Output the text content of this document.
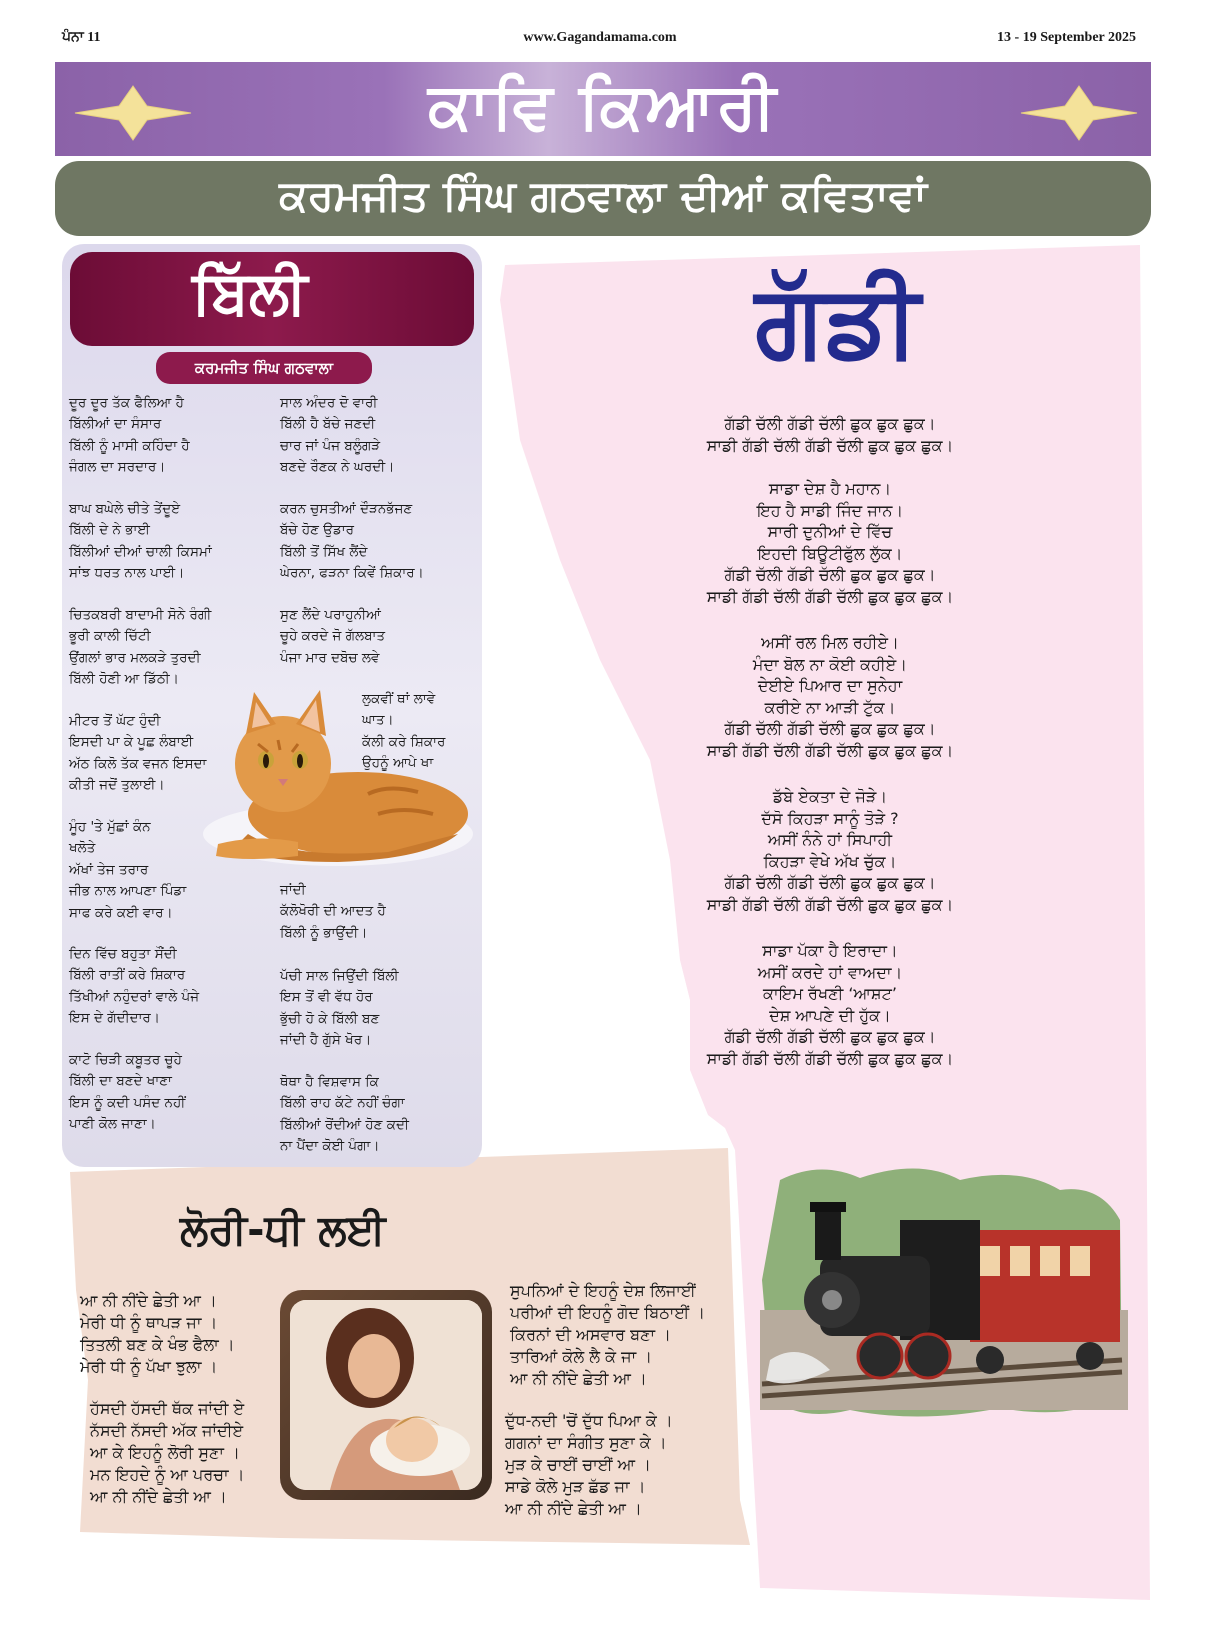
ਪੰਨਾ 11	www.Gagandamama.com	13 - 19 September 2025
ਕਾਵਿ ਕਿਆਰੀ
ਕਰਮਜੀਤ ਸਿੰਘ ਗਠਵਾਲਾ ਦੀਆਂ ਕਵਿਤਾਵਾਂ
ਬਿੱਲੀ
ਕਰਮਜੀਤ ਸਿੰਘ ਗਠਵਾਲਾ
ਦੂਰ ਦੂਰ ਤੱਕ ਫੈਲਿਆ ਹੈ
ਬਿੱਲੀਆਂ ਦਾ ਸੰਸਾਰ
ਬਿੱਲੀ ਨੂੰ ਮਾਸੀ ਕਹਿੰਦਾ ਹੈ
ਜੰਗਲ ਦਾ ਸਰਦਾਰ।
ਬਾਘ ਬਘੇਲੇ ਚੀਤੇ ਤੇਂਦੂਏ
ਬਿੱਲੀ ਦੇ ਨੇ ਭਾਈ
ਬਿੱਲੀਆਂ ਦੀਆਂ ਚਾਲੀ ਕਿਸਮਾਂ
ਸਾਂਝ ਧਰਤ ਨਾਲ ਪਾਈ।
ਚਿਤਕਬਰੀ ਬਾਦਾਮੀ ਸੋਨੇ ਰੰਗੀ
ਭੂਰੀ ਕਾਲੀ ਚਿੱਟੀ
ਉਂਗਲਾਂ ਭਾਰ ਮਲਕੜੇ ਤੁਰਦੀ
ਬਿੱਲੀ ਹੋਣੀ ਆ ਡਿੱਠੀ।
ਮੀਟਰ ਤੋਂ ਘੱਟ ਹੁੰਦੀ
ਇਸਦੀ ਪਾ ਕੇ ਪੂਛ ਲੰਬਾਈ
ਅੱਠ ਕਿਲੋ ਤੱਕ ਵਜਨ ਇਸਦਾ
ਕੀਤੀ ਜਦੋਂ ਤੁਲਾਈ।
ਮੂੰਹ 'ਤੇ ਮੁੱਛਾਂ ਕੰਨ
ਖਲੋਤੇ
ਅੱਖਾਂ ਤੇਜ ਤਰਾਰ
ਜੀਭ ਨਾਲ ਆਪਣਾ ਪਿੰਡਾ
ਸਾਫ ਕਰੇ ਕਈ ਵਾਰ।
ਦਿਨ ਵਿੱਚ ਬਹੁਤਾ ਸੌਂਦੀ
ਬਿੱਲੀ ਰਾਤੀਂ ਕਰੇ ਸ਼ਿਕਾਰ
ਤਿੱਖੀਆਂ ਨਹੁੰਦਰਾਂ ਵਾਲੇ ਪੰਜੇ
ਇਸ ਦੇ ਗੱਦੀਦਾਰ।
ਕਾਟੋ ਚਿੜੀ ਕਬੂਤਰ ਚੂਹੇ
ਬਿੱਲੀ ਦਾ ਬਣਦੇ ਖਾਣਾ
ਇਸ ਨੂੰ ਕਦੀ ਪਸੰਦ ਨਹੀਂ
ਪਾਣੀ ਕੋਲ ਜਾਣਾ।
ਸਾਲ ਅੰਦਰ ਦੋ ਵਾਰੀ
ਬਿੱਲੀ ਹੈ ਬੱਚੇ ਜਣਦੀ
ਚਾਰ ਜਾਂ ਪੰਜ ਬਲੂੰਗੜੇ
ਬਣਦੇ ਰੌਣਕ ਨੇ ਘਰਦੀ।
ਕਰਨ ਚੁਸਤੀਆਂ ਦੌੜਨਭੱਜਣ
ਬੱਚੇ ਹੋਣ ਉਡਾਰ
ਬਿੱਲੀ ਤੋਂ ਸਿੱਖ ਲੈਂਦੇ
ਘੇਰਨਾ, ਫੜਨਾ ਕਿਵੇਂ ਸ਼ਿਕਾਰ।
ਸੁਣ ਲੈਂਦੇ ਪਰਾਹੁਨੀਆਂ
ਚੂਹੇ ਕਰਦੇ ਜੋ ਗੱਲਬਾਤ
ਪੰਜਾ ਮਾਰ ਦਬੋਚ ਲਵੇ
ਲੁਕਵੀਂ ਥਾਂ ਲਾਵੇ
ਘਾਤ।
ਕੱਲੀ ਕਰੇ ਸ਼ਿਕਾਰ
ਉਹਨੂੰ ਆਪੇ ਖਾ
ਜਾਂਦੀ
ਕੱਲੋਖੋਰੀ ਦੀ ਆਦਤ ਹੈ
ਬਿੱਲੀ ਨੂੰ ਭਾਉਂਦੀ।
ਪੱਚੀ ਸਾਲ ਜਿਉਂਦੀ ਬਿੱਲੀ
ਇਸ ਤੋਂ ਵੀ ਵੱਧ ਹੋਰ
ਭੁੱਚੀ ਹੋ ਕੇ ਬਿੱਲੀ ਬਣ
ਜਾਂਦੀ ਹੈ ਗੁੱਸੇ ਖੋਰ।
ਥੋਥਾ ਹੈ ਵਿਸ਼ਵਾਸ ਕਿ
ਬਿੱਲੀ ਰਾਹ ਕੱਟੇ ਨਹੀਂ ਚੰਗਾ
ਬਿੱਲੀਆਂ ਰੋਂਦੀਆਂ ਹੋਣ ਕਦੀ
ਨਾ ਪੈਂਦਾ ਕੋਈ ਪੰਗਾ।
ਗੱਡੀ
ਗੱਡੀ ਚੱਲੀ ਗੱਡੀ ਚੱਲੀ ਛੁਕ ਛੁਕ ਛੁਕ।
ਸਾਡੀ ਗੱਡੀ ਚੱਲੀ ਗੱਡੀ ਚੱਲੀ ਛੁਕ ਛੁਕ ਛੁਕ।
ਸਾਡਾ ਦੇਸ਼ ਹੈ ਮਹਾਨ।
ਇਹ ਹੈ ਸਾਡੀ ਜਿੰਦ ਜਾਨ।
ਸਾਰੀ ਦੁਨੀਆਂ ਦੇ ਵਿੱਚ
ਇਹਦੀ ਬਿਊਟੀਫੁੱਲ ਲੁੱਕ।
ਗੱਡੀ ਚੱਲੀ ਗੱਡੀ ਚੱਲੀ ਛੁਕ ਛੁਕ ਛੁਕ।
ਸਾਡੀ ਗੱਡੀ ਚੱਲੀ ਗੱਡੀ ਚੱਲੀ ਛੁਕ ਛੁਕ ਛੁਕ।
ਅਸੀਂ ਰਲ ਮਿਲ ਰਹੀਏ।
ਮੰਦਾ ਬੋਲ ਨਾ ਕੋਈ ਕਹੀਏ।
ਦੇਈਏ ਪਿਆਰ ਦਾ ਸੁਨੇਹਾ
ਕਰੀਏ ਨਾ ਆੜੀ ਟੁੱਕ।
ਗੱਡੀ ਚੱਲੀ ਗੱਡੀ ਚੱਲੀ ਛੁਕ ਛੁਕ ਛੁਕ।
ਸਾਡੀ ਗੱਡੀ ਚੱਲੀ ਗੱਡੀ ਚੱਲੀ ਛੁਕ ਛੁਕ ਛੁਕ।
ਡੱਬੇ ਏਕਤਾ ਦੇ ਜੋੜੇ।
ਦੱਸੋ ਕਿਹੜਾ ਸਾਨੂੰ ਤੋੜੇ ?
ਅਸੀਂ ਨੰਨੇ ਹਾਂ ਸਿਪਾਹੀ
ਕਿਹੜਾ ਵੇਖੇ ਅੱਖ ਚੁੱਕ।
ਗੱਡੀ ਚੱਲੀ ਗੱਡੀ ਚੱਲੀ ਛੁਕ ਛੁਕ ਛੁਕ।
ਸਾਡੀ ਗੱਡੀ ਚੱਲੀ ਗੱਡੀ ਚੱਲੀ ਛੁਕ ਛੁਕ ਛੁਕ।
ਸਾਡਾ ਪੱਕਾ ਹੈ ਇਰਾਦਾ।
ਅਸੀਂ ਕਰਦੇ ਹਾਂ ਵਾਅਦਾ।
ਕਾਇਮ ਰੱਖਣੀ ‘ਆਸ਼ਟ’
ਦੇਸ਼ ਆਪਣੇ ਦੀ ਹੁੱਕ।
ਗੱਡੀ ਚੱਲੀ ਗੱਡੀ ਚੱਲੀ ਛੁਕ ਛੁਕ ਛੁਕ।
ਸਾਡੀ ਗੱਡੀ ਚੱਲੀ ਗੱਡੀ ਚੱਲੀ ਛੁਕ ਛੁਕ ਛੁਕ।
ਲੋਰੀ-ਧੀ ਲਈ
ਆ ਨੀ ਨੀਂਦੇ ਛੇਤੀ ਆ ।
ਮੇਰੀ ਧੀ ਨੂੰ ਥਾਪੜ ਜਾ ।
ਤਿਤਲੀ ਬਣ ਕੇ ਖੰਭ ਫੈਲਾ ।
ਮੇਰੀ ਧੀ ਨੂੰ ਪੱਖਾ ਝੁਲਾ ।
ਹੱਸਦੀ ਹੱਸਦੀ ਥੱਕ ਜਾਂਦੀ ਏ
ਨੱਸਦੀ ਨੱਸਦੀ ਅੱਕ ਜਾਂਦੀਏ
ਆ ਕੇ ਇਹਨੂੰ ਲੋਰੀ ਸੁਣਾ ।
ਮਨ ਇਹਦੇ ਨੂੰ ਆ ਪਰਚਾ ।
ਆ ਨੀ ਨੀਂਦੇ ਛੇਤੀ ਆ ।
ਸੁਪਨਿਆਂ ਦੇ ਇਹਨੂੰ ਦੇਸ਼ ਲਿਜਾਈਂ
ਪਰੀਆਂ ਦੀ ਇਹਨੂੰ ਗੋਦ ਬਿਠਾਈਂ ।
ਕਿਰਨਾਂ ਦੀ ਅਸਵਾਰ ਬਣਾ ।
ਤਾਰਿਆਂ ਕੋਲੇ ਲੈ ਕੇ ਜਾ ।
ਆ ਨੀ ਨੀਂਦੇ ਛੇਤੀ ਆ ।
ਦੁੱਧ-ਨਦੀ 'ਚੋਂ ਦੁੱਧ ਪਿਆ ਕੇ ।
ਗਗਨਾਂ ਦਾ ਸੰਗੀਤ ਸੁਣਾ ਕੇ ।
ਮੁੜ ਕੇ ਚਾਈਂ ਚਾਈਂ ਆ ।
ਸਾਡੇ ਕੋਲੇ ਮੁੜ ਛੱਡ ਜਾ ।
ਆ ਨੀ ਨੀਂਦੇ ਛੇਤੀ ਆ ।
